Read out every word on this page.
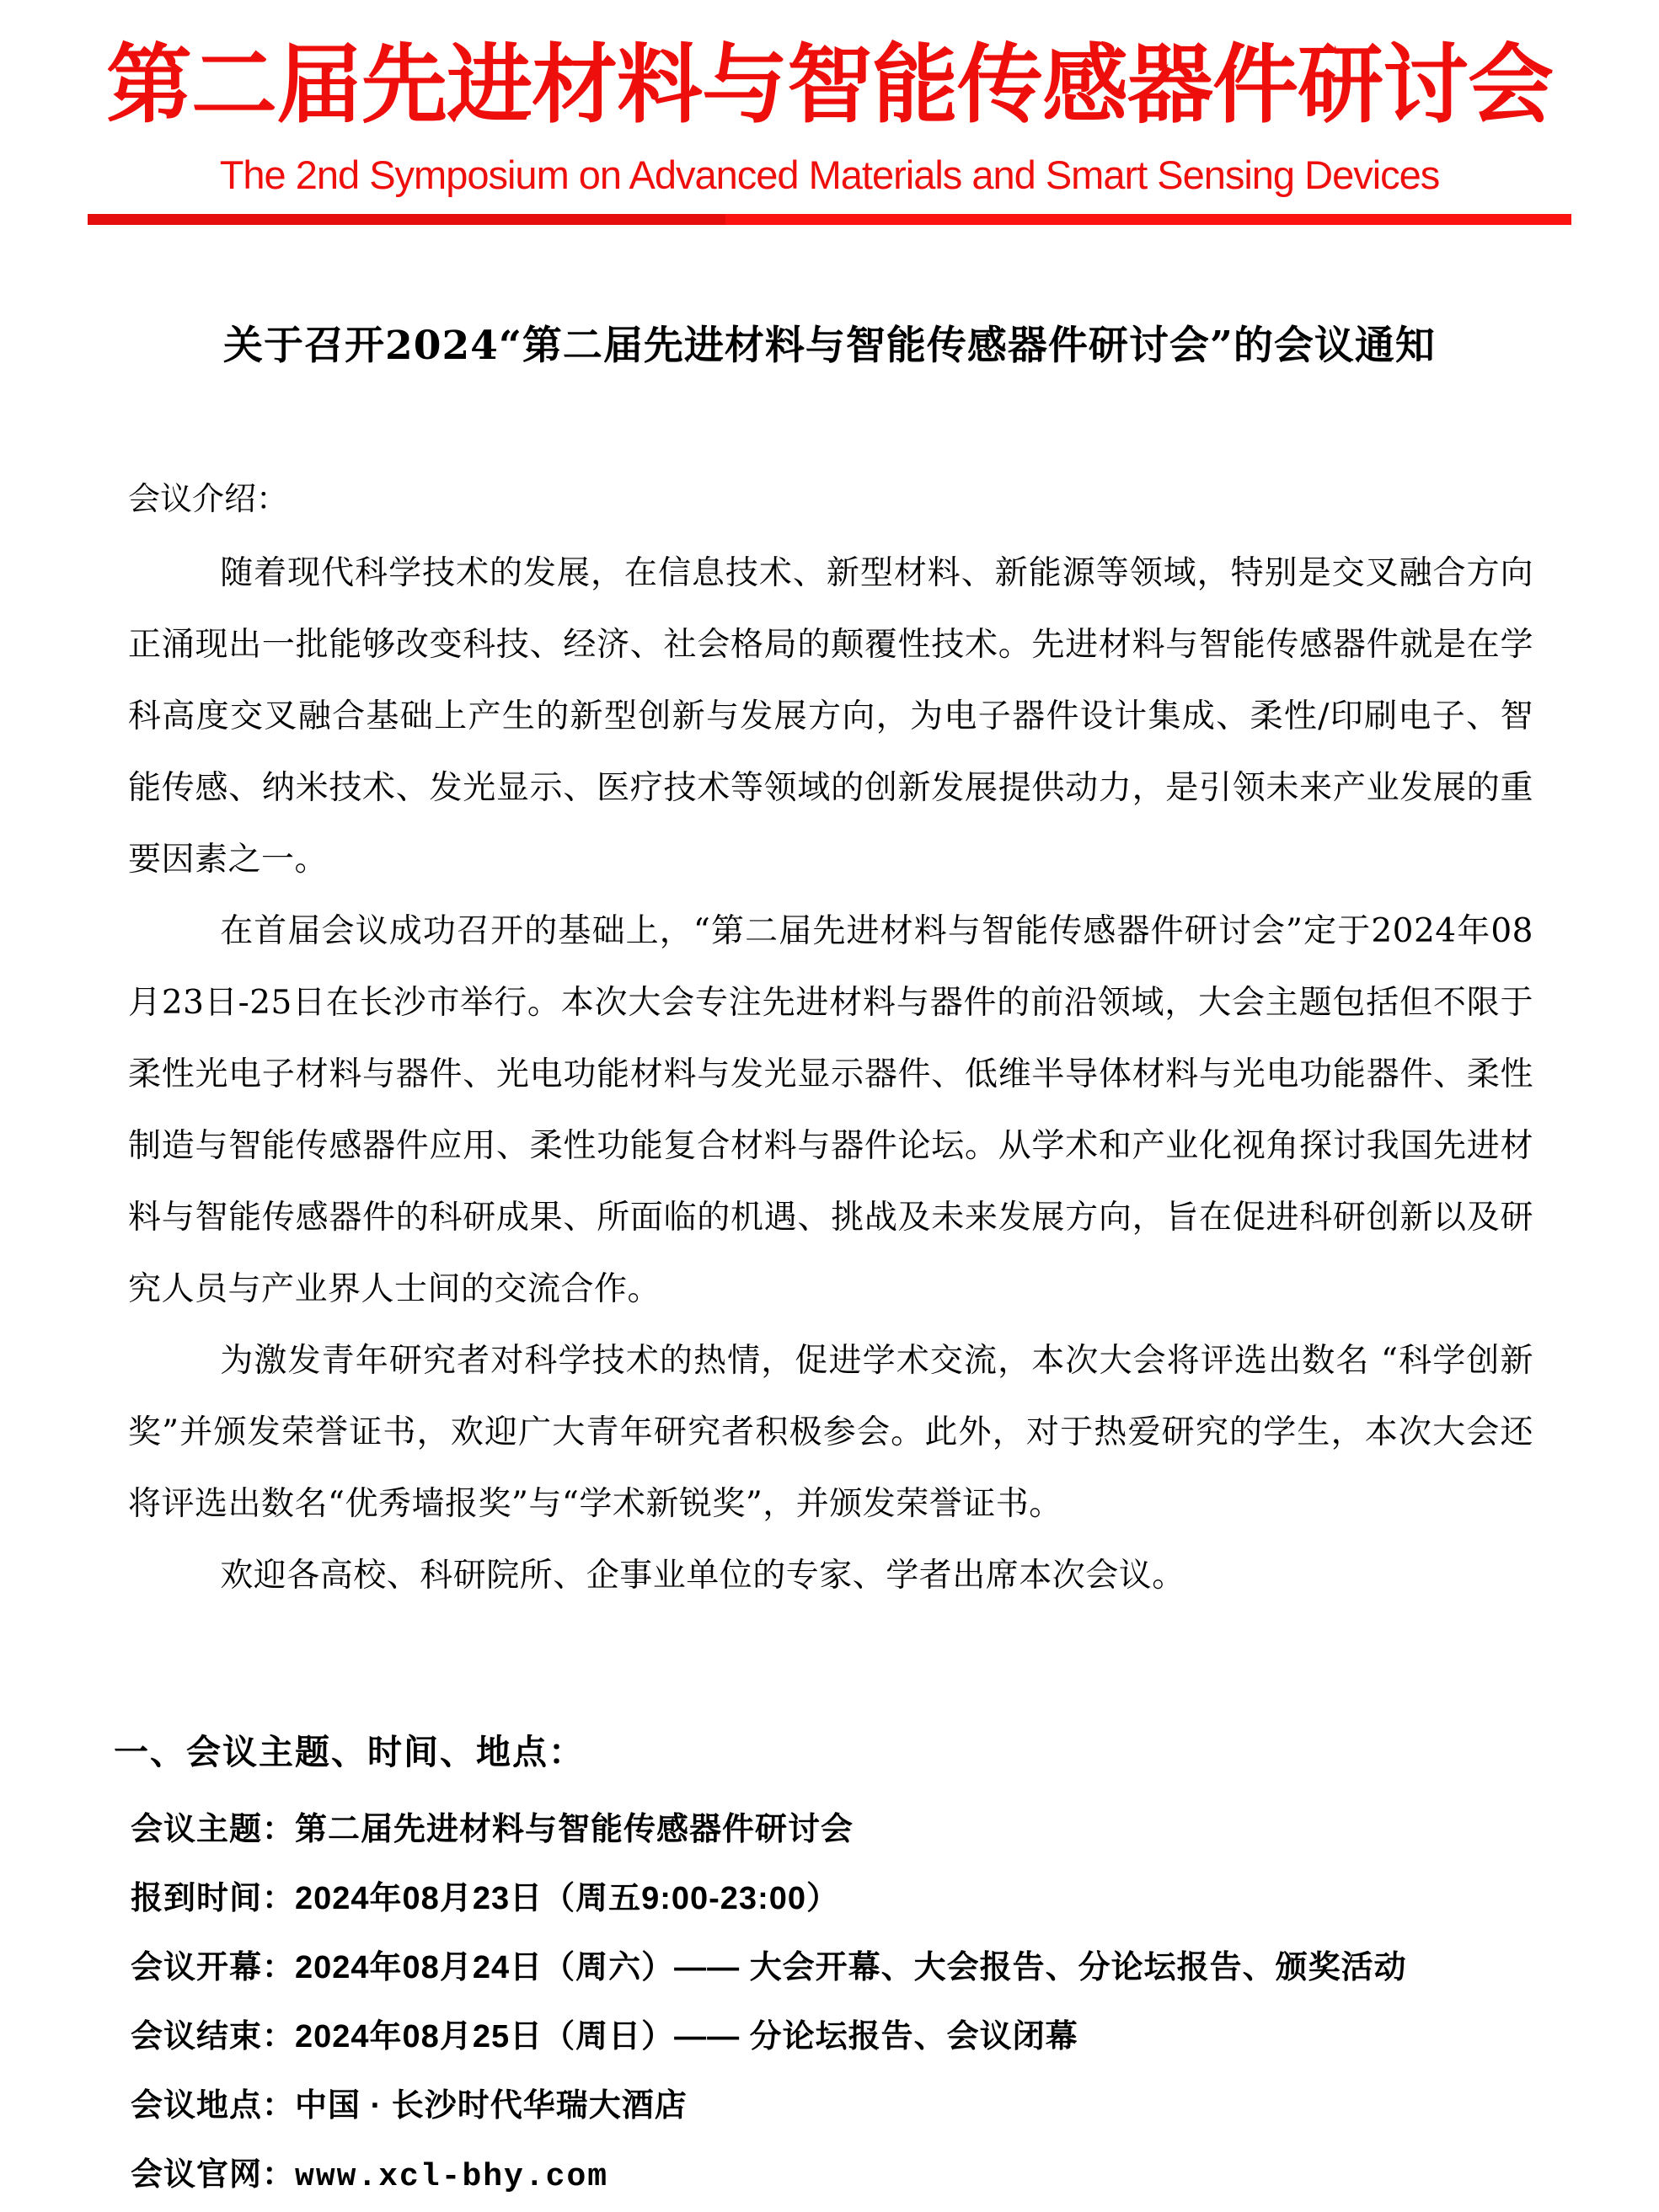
第二届先进材料与智能传感器件研讨会
The 2nd Symposium on Advanced Materials and Smart Sensing Devices
关于召开2024“第二届先进材料与智能传感器件研讨会”的会议通知
会议介绍：

随着现代科学技术的发展，在信息技术、新型材料、新能源等领域，特别是交叉融合方向正涌现出一批能够改变科技、经济、社会格局的颠覆性技术。先进材料与智能传感器件就是在学科高度交叉融合基础上产生的新型创新与发展方向，为电子器件设计集成、柔性/印刷电子、智能传感、纳米技术、发光显示、医疗技术等领域的创新发展提供动力，是引领未来产业发展的重要因素之一。

在首届会议成功召开的基础上，“第二届先进材料与智能传感器件研讨会”定于2024年08月23日-25日在长沙市举行。本次大会专注先进材料与器件的前沿领域，大会主题包括但不限于柔性光电子材料与器件、光电功能材料与发光显示器件、低维半导体材料与光电功能器件、柔性制造与智能传感器件应用、柔性功能复合材料与器件论坛。从学术和产业化视角探讨我国先进材料与智能传感器件的科研成果、所面临的机遇、挑战及未来发展方向，旨在促进科研创新以及研究人员与产业界人士间的交流合作。

为激发青年研究者对科学技术的热情，促进学术交流，本次大会将评选出数名 “科学创新奖”并颁发荣誉证书，欢迎广大青年研究者积极参会。此外，对于热爱研究的学生，本次大会还将评选出数名“优秀墙报奖”与“学术新锐奖”，并颁发荣誉证书。

欢迎各高校、科研院所、企事业单位的专家、学者出席本次会议。

一、会议主题、时间、地点：
会议主题：第二届先进材料与智能传感器件研讨会
报到时间：2024年08月23日（周五9:00-23:00）
会议开幕：2024年08月24日（周六）—— 大会开幕、大会报告、分论坛报告、颁奖活动
会议结束：2024年08月25日（周日）—— 分论坛报告、会议闭幕
会议地点：中国 · 长沙时代华瑞大酒店
会议官网：www.xcl-bhy.com
